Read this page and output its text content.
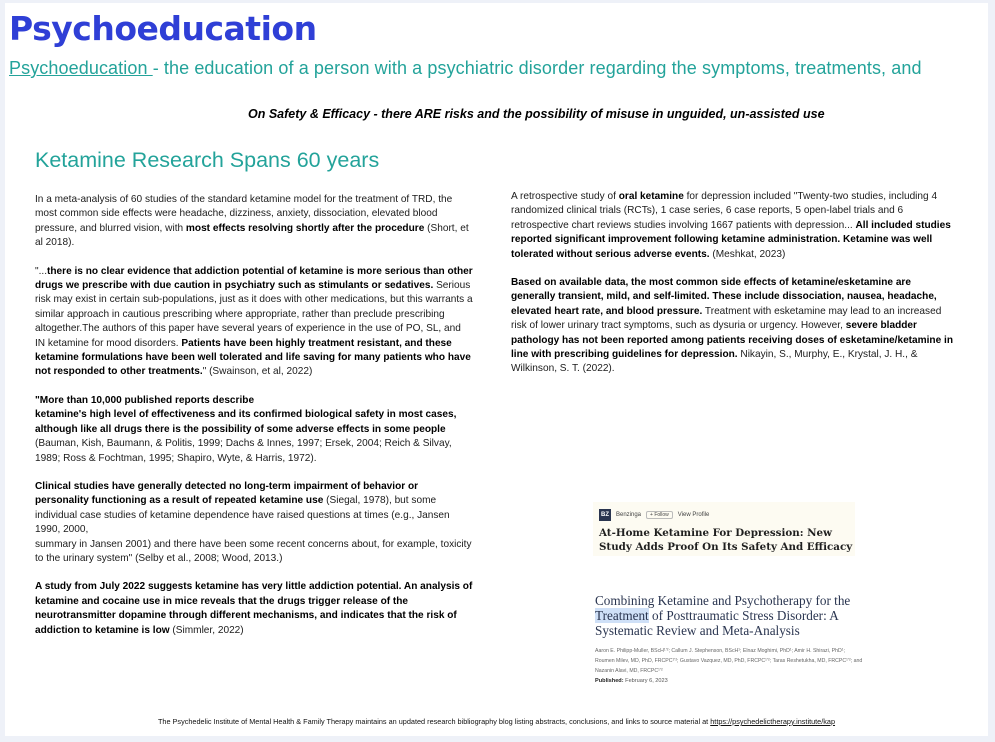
Psychoeducation
Psychoeducation - the education of a person with a psychiatric disorder regarding the symptoms, treatments, and
On Safety & Efficacy - there ARE risks and the possibility of misuse in unguided, un-assisted use
Ketamine Research Spans 60 years

In a meta-analysis of 60 studies of the standard ketamine model for the treatment of TRD, the most common side effects were headache, dizziness, anxiety, dissociation, elevated blood pressure, and blurred vision, with most effects resolving shortly after the procedure (Short, et al 2018).

"...there is no clear evidence that addiction potential of ketamine is more serious than other drugs we prescribe with due caution in psychiatry such as stimulants or sedatives. Serious risk may exist in certain sub-populations, just as it does with other medications, but this warrants a similar approach in cautious prescribing where appropriate, rather than preclude prescribing altogether.The authors of this paper have several years of experience in the use of PO, SL, and IN ketamine for mood disorders. Patients have been highly treatment resistant, and these ketamine formulations have been well tolerated and life saving for many patients who have not responded to other treatments." (Swainson, et al, 2022)

"More than 10,000 published reports describe
ketamine's high level of effectiveness and its confirmed biological safety in most cases, although like all drugs there is the possibility of some adverse effects in some people (Bauman, Kish, Baumann, & Politis, 1999; Dachs & Innes, 1997; Ersek, 2004; Reich & Silvay, 1989; Ross & Fochtman, 1995; Shapiro, Wyte, & Harris, 1972).

Clinical studies have generally detected no long-term impairment of behavior or personality functioning as a result of repeated ketamine use (Siegal, 1978), but some individual case studies of ketamine dependence have raised questions at times (e.g., Jansen 1990, 2000,
summary in Jansen 2001) and there have been some recent concerns about, for example, toxicity to the urinary system" (Selby et al., 2008; Wood, 2013.)

A study from July 2022 suggests ketamine has very little addiction potential. An analysis of ketamine and cocaine use in mice reveals that the drugs trigger release of the neurotransmitter dopamine through different mechanisms, and indicates that the risk of addiction to ketamine is low (Simmler, 2022)

A retrospective study of oral ketamine for depression included "Twenty-two studies, including 4 randomized clinical trials (RCTs), 1 case series, 6 case reports, 5 open-label trials and 6 retrospective chart reviews studies involving 1667 patients with depression... All included studies reported significant improvement following ketamine administration. Ketamine was well tolerated without serious adverse events. (Meshkat, 2023)

Based on available data, the most common side effects of ketamine/esketamine are generally transient, mild, and self-limited. These include dissociation, nausea, headache, elevated heart rate, and blood pressure. Treatment with esketamine may lead to an increased risk of lower urinary tract symptoms, such as dysuria or urgency. However, severe bladder pathology has not been reported among patients receiving doses of esketamine/ketamine in line with prescribing guidelines for depression. Nikayin, S., Murphy, E., Krystal, J. H., & Wilkinson, S. T. (2022).

BZ	Benzinga	+ Follow	View Profile
At-Home Ketamine For Depression: New Study Adds Proof On Its Safety And Efficacy
Combining Ketamine and Psychotherapy for the Treatment of Posttraumatic Stress Disorder: A Systematic Review and Meta-Analysis
Aaron E. Philipp-Muller, BScH¹’²; Callum J. Stephenson, BScH¹; Elnaz Moghimi, PhD¹; Amir H. Shirazi, PhD¹; Roumen Milev, MD, PhD, FRCPC¹’²; Gustavo Vazquez, MD, PhD, FRCPC¹’²; Taras Reshetukha, MD, FRCPC¹’²; and Nazanin Alavi, MD, FRCPC¹’²
Published: February 6, 2023
The Psychedelic Institute of Mental Health & Family Therapy maintains an updated research bibliography blog listing abstracts, conclusions, and links to source material at https://psychedelictherapy.institute/kap
